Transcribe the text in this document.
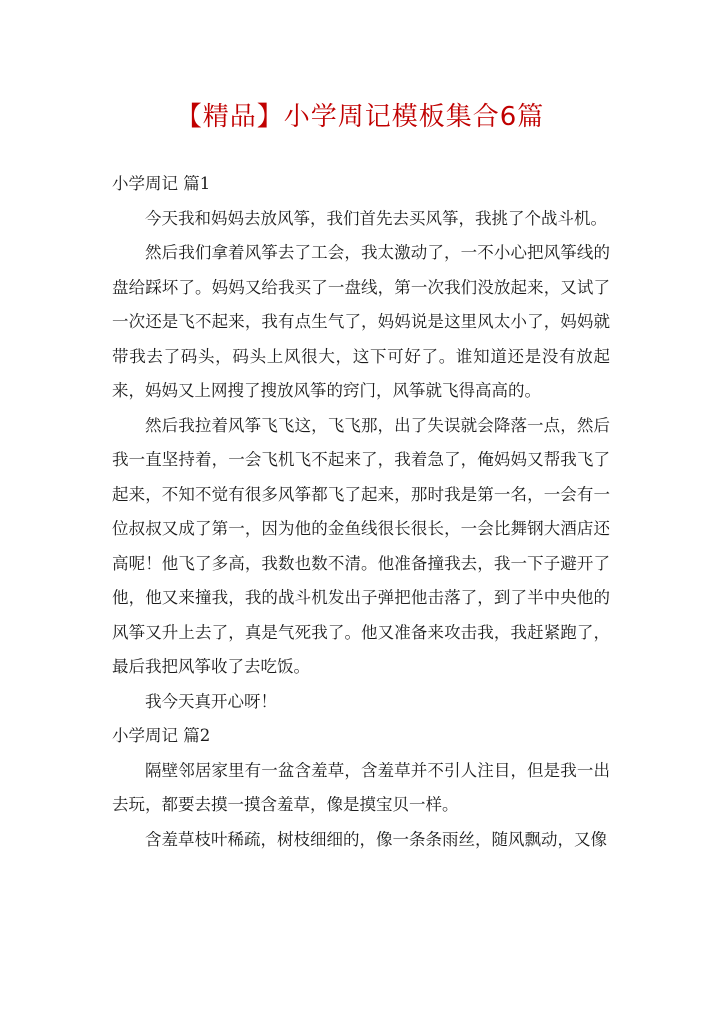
【精品】小学周记模板集合6篇

小学周记 篇1

今天我和妈妈去放风筝，我们首先去买风筝，我挑了个战斗机。

然后我们拿着风筝去了工会，我太激动了，一不小心把风筝线的盘给踩坏了。妈妈又给我买了一盘线，第一次我们没放起来，又试了一次还是飞不起来，我有点生气了，妈妈说是这里风太小了，妈妈就带我去了码头，码头上风很大，这下可好了。谁知道还是没有放起来，妈妈又上网搜了搜放风筝的窍门，风筝就飞得高高的。

然后我拉着风筝飞飞这，飞飞那，出了失误就会降落一点，然后我一直坚持着，一会飞机飞不起来了，我着急了，俺妈妈又帮我飞了起来，不知不觉有很多风筝都飞了起来，那时我是第一名，一会有一位叔叔又成了第一，因为他的金鱼线很长很长，一会比舞钢大酒店还高呢！他飞了多高，我数也数不清。他准备撞我去，我一下子避开了他，他又来撞我，我的战斗机发出子弹把他击落了，到了半中央他的风筝又升上去了，真是气死我了。他又准备来攻击我，我赶紧跑了，最后我把风筝收了去吃饭。

我今天真开心呀！

小学周记 篇2

隔壁邻居家里有一盆含羞草，含羞草并不引人注目，但是我一出去玩，都要去摸一摸含羞草，像是摸宝贝一样。

含羞草枝叶稀疏，树枝细细的，像一条条雨丝，随风飘动，又像
